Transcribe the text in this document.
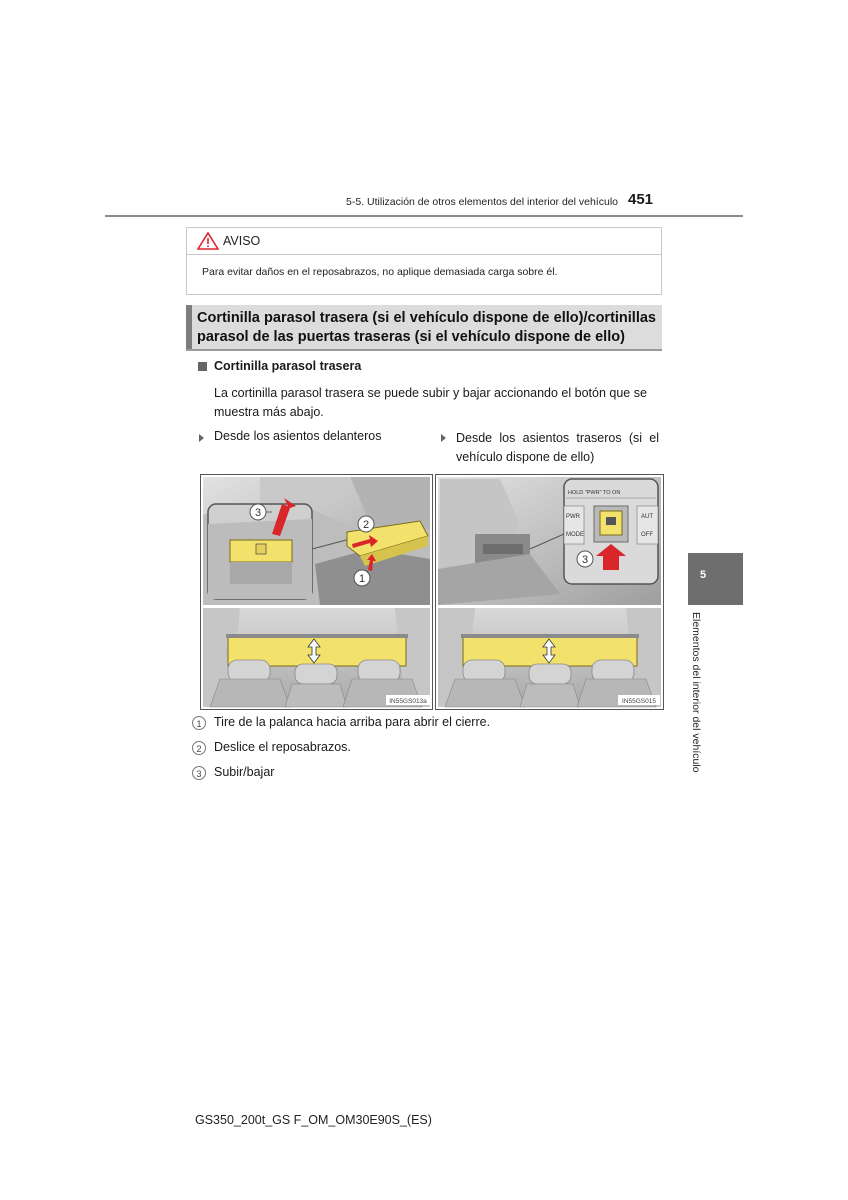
5-5. Utilización de otros elementos del interior del vehículo 451
AVISO
Para evitar daños en el reposabrazos, no aplique demasiada carga sobre él.
Cortinilla parasol trasera (si el vehículo dispone de ello)/cortinillas parasol de las puertas traseras (si el vehículo dispone de ello)
Cortinilla parasol trasera
La cortinilla parasol trasera se puede subir y bajar accionando el botón que se muestra más abajo.
Desde los asientos delanteros	Desde los asientos traseros (si el vehículo dispone de ello)
3
2
1
HOLD "PWR" TO ON
PWR
MODE
AUT
OFF
3
IN55GS013a	IN55GS015
1	Tire de la palanca hacia arriba para abrir el cierre.
2	Deslice el reposabrazos.
3	Subir/bajar
5
Elementos del interior del vehículo
GS350_200t_GS F_OM_OM30E90S_(ES)
